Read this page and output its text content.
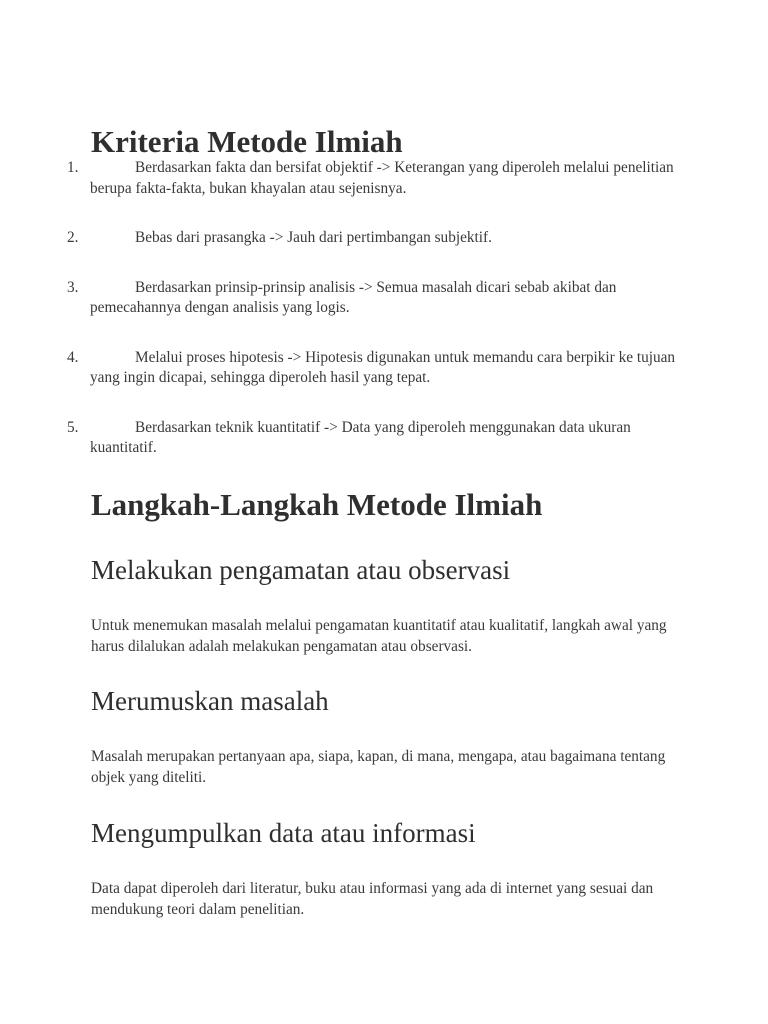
Kriteria Metode Ilmiah
1.	Berdasarkan fakta dan bersifat objektif -> Keterangan yang diperoleh melalui penelitian berupa fakta-fakta, bukan khayalan atau sejenisnya.
2.	Bebas dari prasangka -> Jauh dari pertimbangan subjektif.
3.	Berdasarkan prinsip-prinsip analisis -> Semua masalah dicari sebab akibat dan pemecahannya dengan analisis yang logis.
4.	Melalui proses hipotesis -> Hipotesis digunakan untuk memandu cara berpikir ke tujuan yang ingin dicapai, sehingga diperoleh hasil yang tepat.
5.	Berdasarkan teknik kuantitatif -> Data yang diperoleh menggunakan data ukuran kuantitatif.
Langkah-Langkah Metode Ilmiah
Melakukan pengamatan atau observasi

Untuk menemukan masalah melalui pengamatan kuantitatif atau kualitatif, langkah awal yang harus dilalukan adalah melakukan pengamatan atau observasi.

Merumuskan masalah

Masalah merupakan pertanyaan apa, siapa, kapan, di mana, mengapa, atau bagaimana tentang objek yang diteliti.

Mengumpulkan data atau informasi

Data dapat diperoleh dari literatur, buku atau informasi yang ada di internet yang sesuai dan mendukung teori dalam penelitian.
